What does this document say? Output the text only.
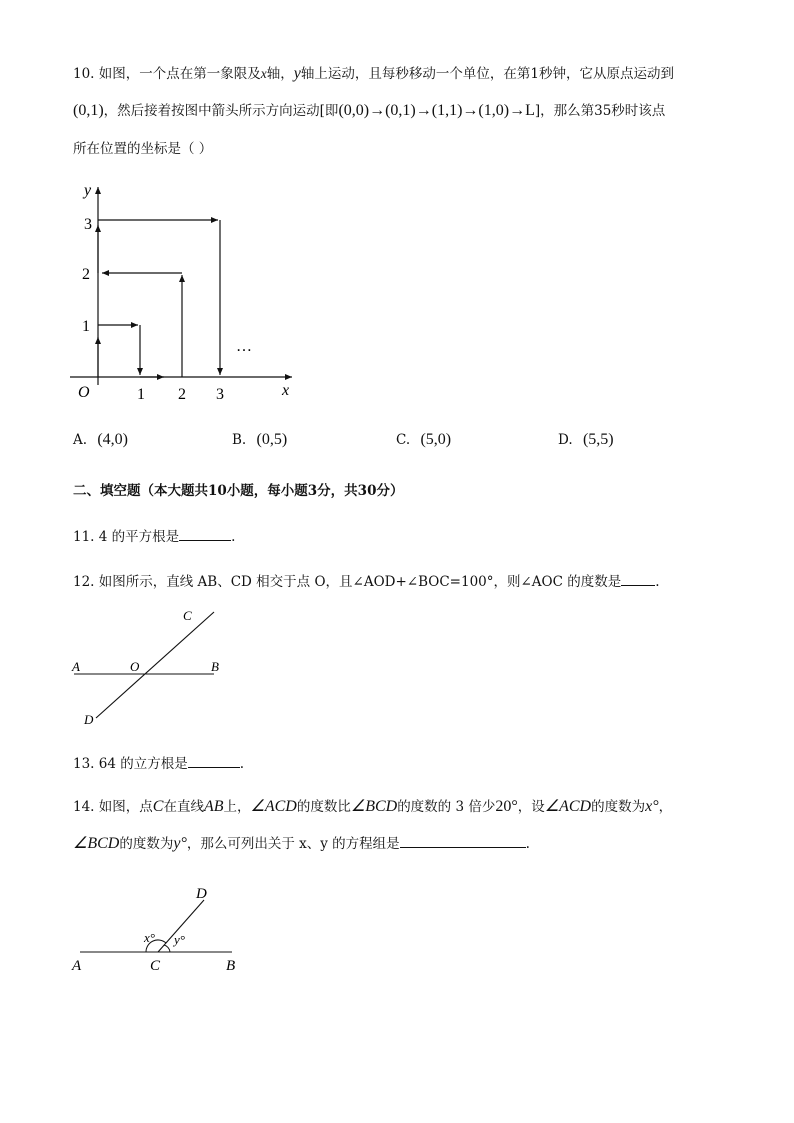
10. 如图，一个点在第一象限及x轴，y轴上运动，且每秒移动一个单位，在第1秒钟，它从原点运动到
(0,1)，然后接着按图中箭头所示方向运动[即(0,0)→(0,1)→(1,1)→(1,0)→L]，那么第35秒时该点
所在位置的坐标是（ ）
y
x
O
1
2
3
1 2 3
…
A. (4,0)	B. (0,5)	C. (5,0)	D. (5,5)
二、填空题（本大题共10小题，每小题3分，共30分）
11. 4 的平方根是	.
12. 如图所示，直线 AB、CD 相交于点 O，且∠AOD+∠BOC=100°，则∠AOC 的度数是	.
A	B
C
D
O
13. 64 的立方根是	.
14. 如图，点C在直线AB上，∠ACD的度数比∠BCD的度数的 3 倍少20°，设∠ACD的度数为x°，
∠BCD的度数为y°，那么可列出关于 x、y 的方程组是	.
A	B
C
D
x° y°
